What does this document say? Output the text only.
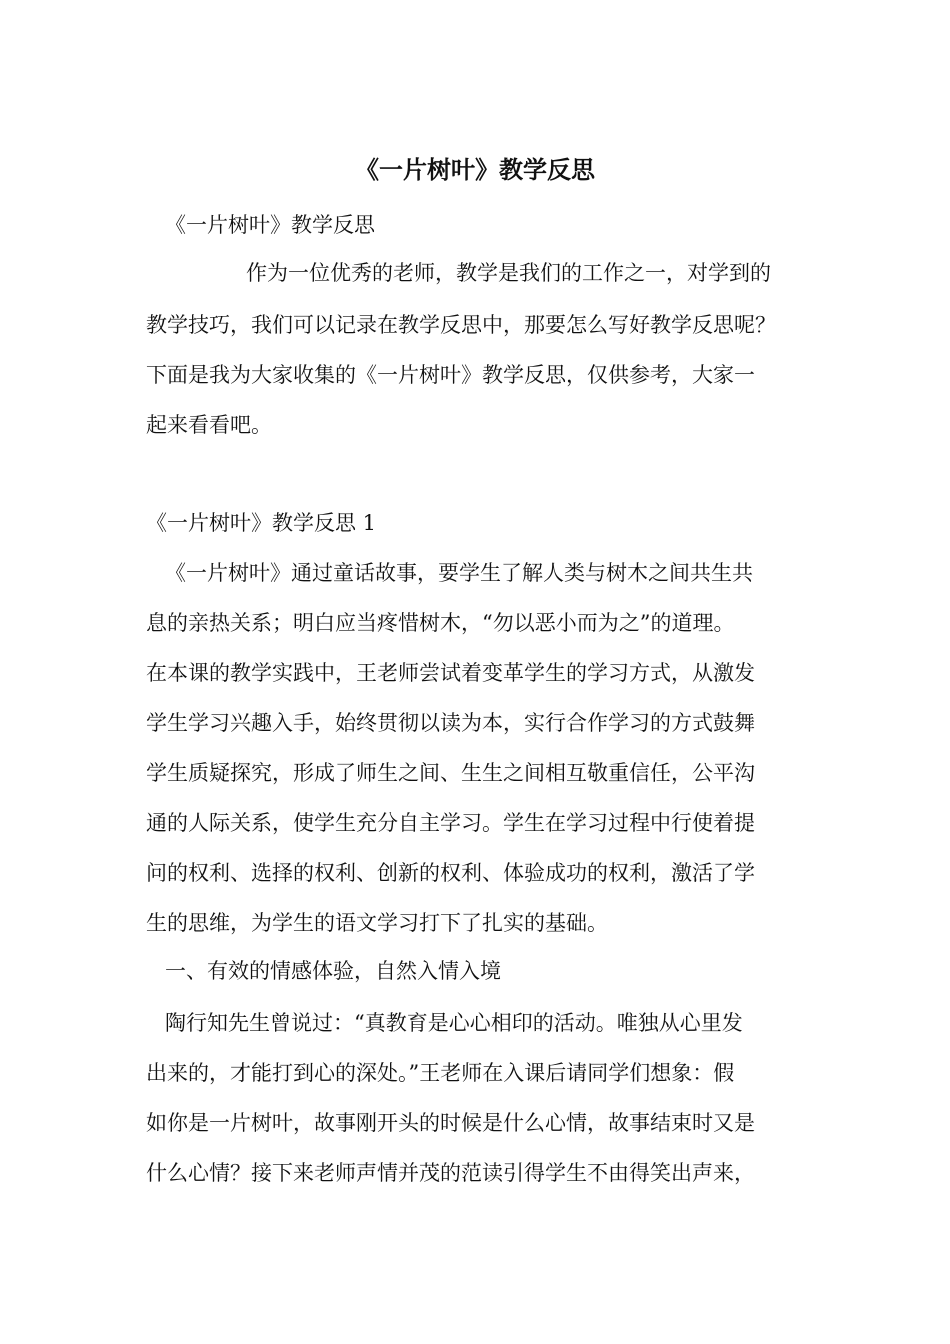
《一片树叶》教学反思

《一片树叶》教学反思

作为一位优秀的老师，教学是我们的工作之一，对学到的

教学技巧，我们可以记录在教学反思中，那要怎么写好教学反思呢？

下面是我为大家收集的《一片树叶》教学反思，仅供参考，大家一

起来看看吧。

《一片树叶》教学反思 1

《一片树叶》通过童话故事，要学生了解人类与树木之间共生共

息的亲热关系；明白应当疼惜树木，“勿以恶小而为之”的道理。

在本课的教学实践中，王老师尝试着变革学生的学习方式，从激发

学生学习兴趣入手，始终贯彻以读为本，实行合作学习的方式鼓舞

学生质疑探究，形成了师生之间、生生之间相互敬重信任，公平沟

通的人际关系，使学生充分自主学习。学生在学习过程中行使着提

问的权利、选择的权利、创新的权利、体验成功的权利，激活了学

生的思维，为学生的语文学习打下了扎实的基础。

一、有效的情感体验，自然入情入境

陶行知先生曾说过：“真教育是心心相印的活动。唯独从心里发

出来的，才能打到心的深处。”王老师在入课后请同学们想象：假

如你是一片树叶，故事刚开头的时候是什么心情，故事结束时又是

什么心情？接下来老师声情并茂的范读引得学生不由得笑出声来，
